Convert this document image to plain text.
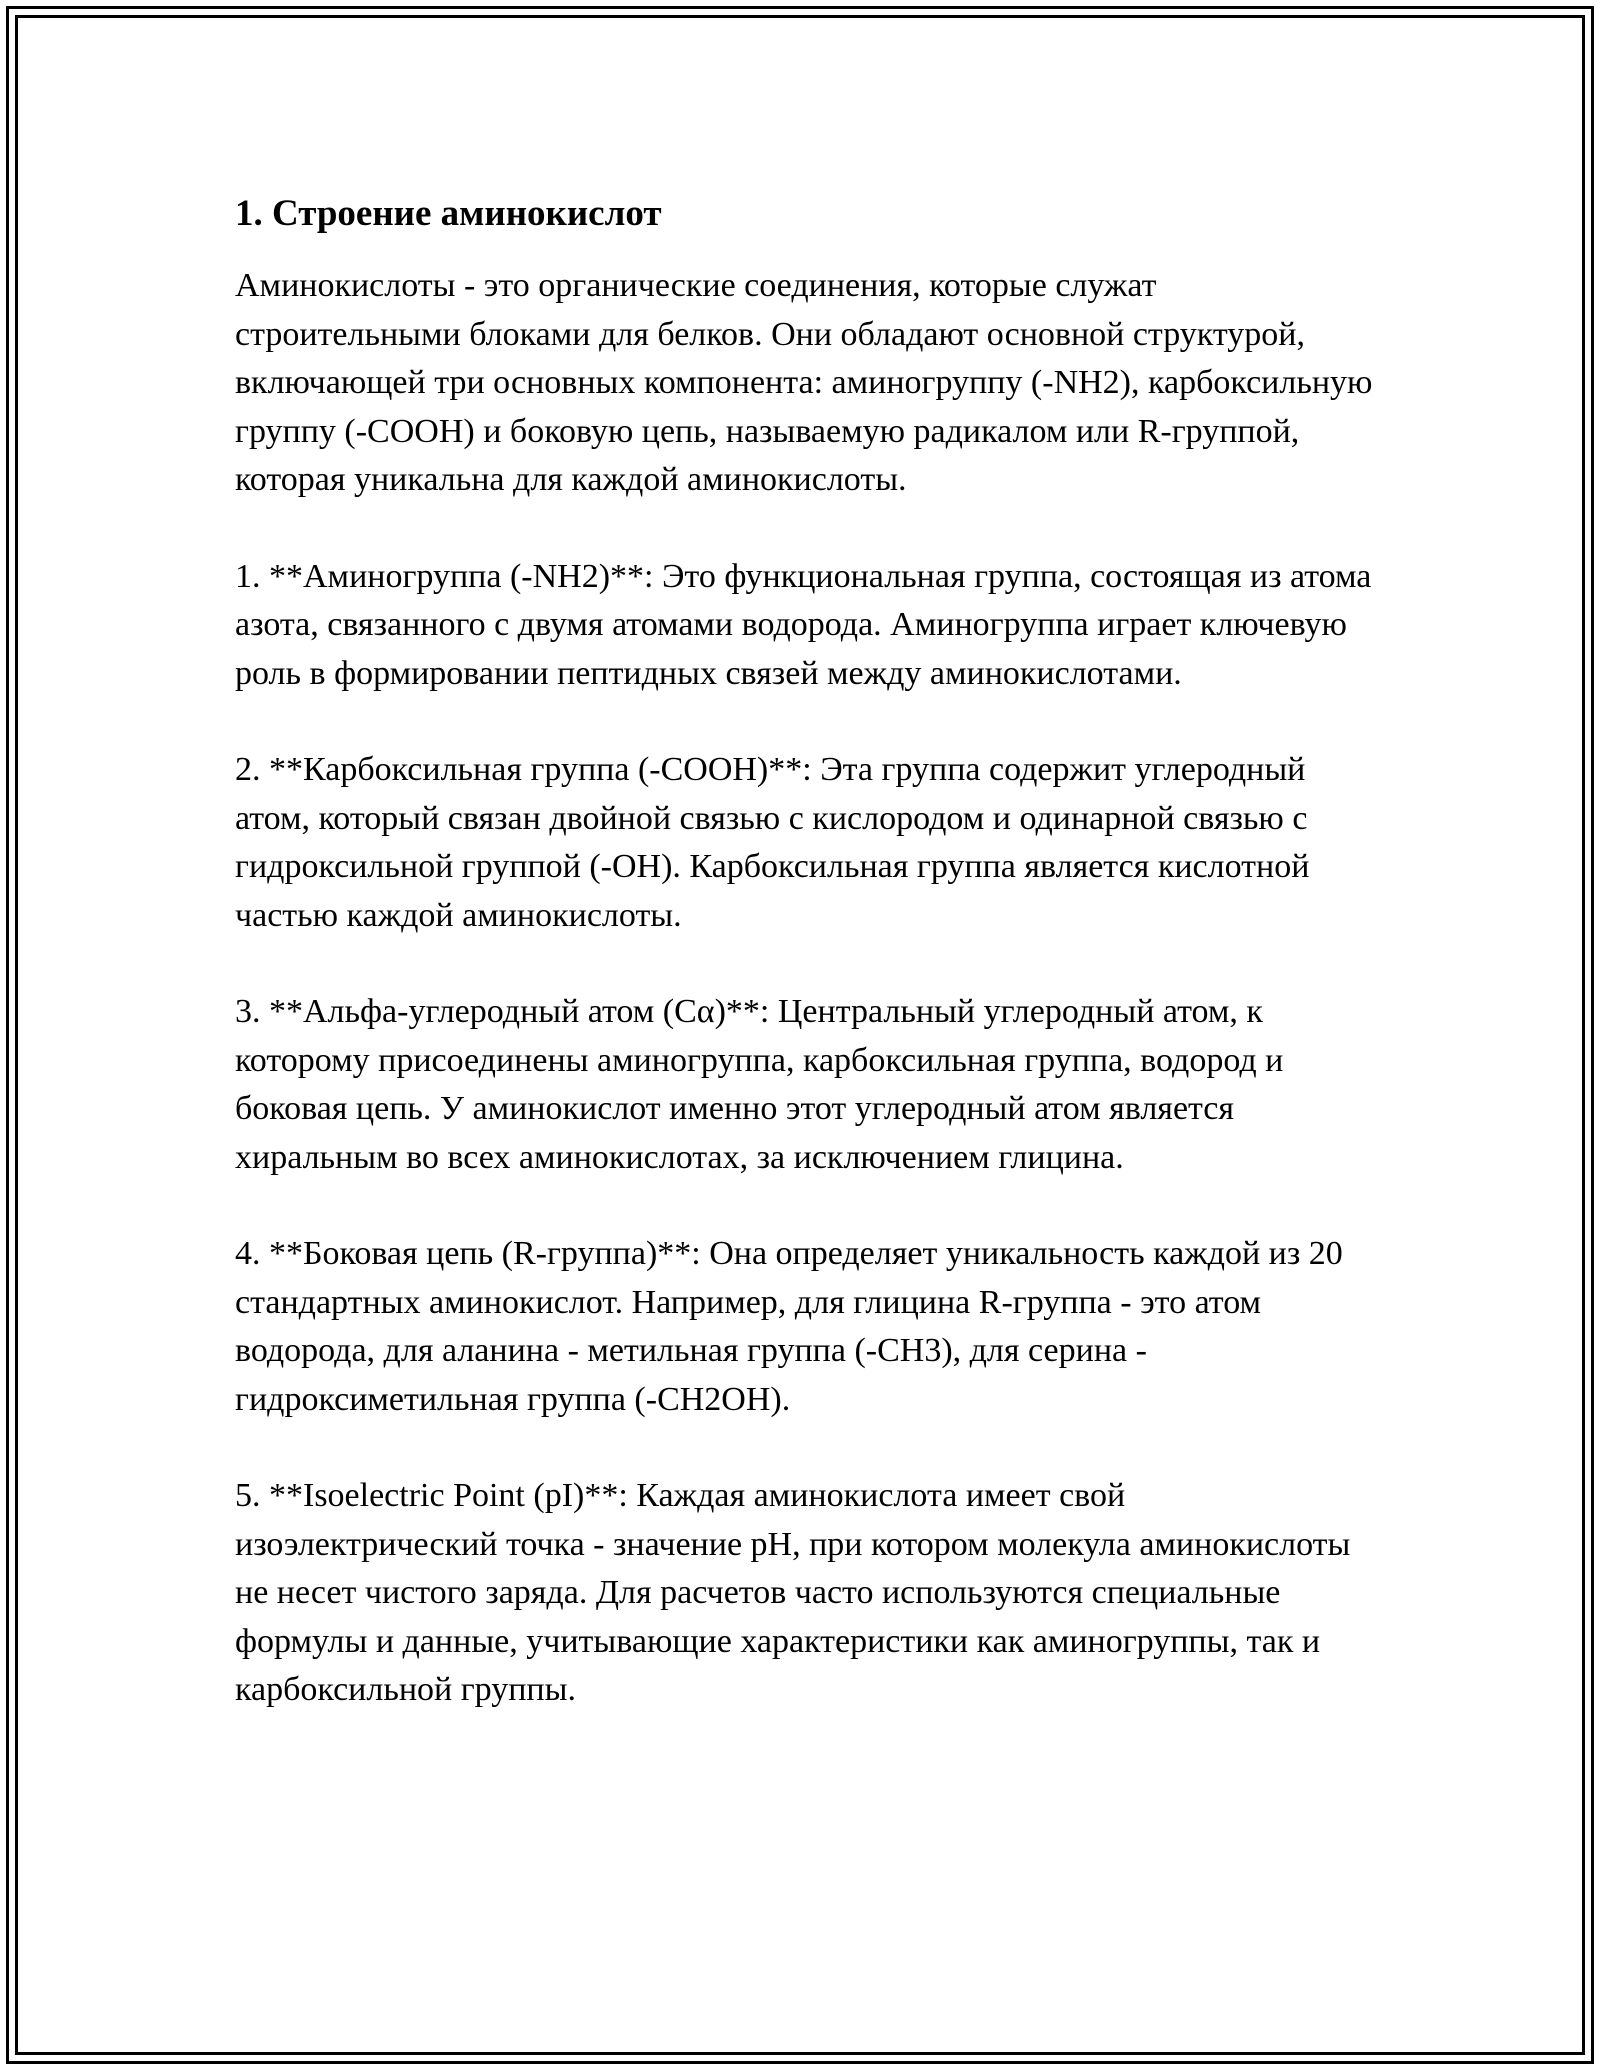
1. Строение аминокислот

Аминокислоты - это органические соединения, которые служат строительными блоками для белков. Они обладают основной структурой, включающей три основных компонента: аминогруппу (-NH2), карбоксильную группу (-COOH) и боковую цепь, называемую радикалом или R-группой, которая уникальна для каждой аминокислоты.

1. **Аминогруппа (-NH2)**: Это функциональная группа, состоящая из атома азота, связанного с двумя атомами водорода. Аминогруппа играет ключевую роль в формировании пептидных связей между аминокислотами.

2. **Карбоксильная группа (-COOH)**: Эта группа содержит углеродный атом, который связан двойной связью с кислородом и одинарной связью с гидроксильной группой (-OH). Карбоксильная группа является кислотной частью каждой аминокислоты.

3. **Альфа-углеродный атом (Cα)**: Центральный углеродный атом, к которому присоединены аминогруппа, карбоксильная группа, водород и боковая цепь. У аминокислот именно этот углеродный атом является хиральным во всех аминокислотах, за исключением глицина.

4. **Боковая цепь (R-группа)**: Она определяет уникальность каждой из 20 стандартных аминокислот. Например, для глицина R-группа - это атом водорода, для аланина - метильная группа (-CH3), для серина - гидроксиметильная группа (-CH2OH).

5. **Isoelectric Point (pI)**: Каждая аминокислота имеет свой изоэлектрический точка - значение pH, при котором молекула аминокислоты не несет чистого заряда. Для расчетов часто используются специальные формулы и данные, учитывающие характеристики как аминогруппы, так и карбоксильной группы.
